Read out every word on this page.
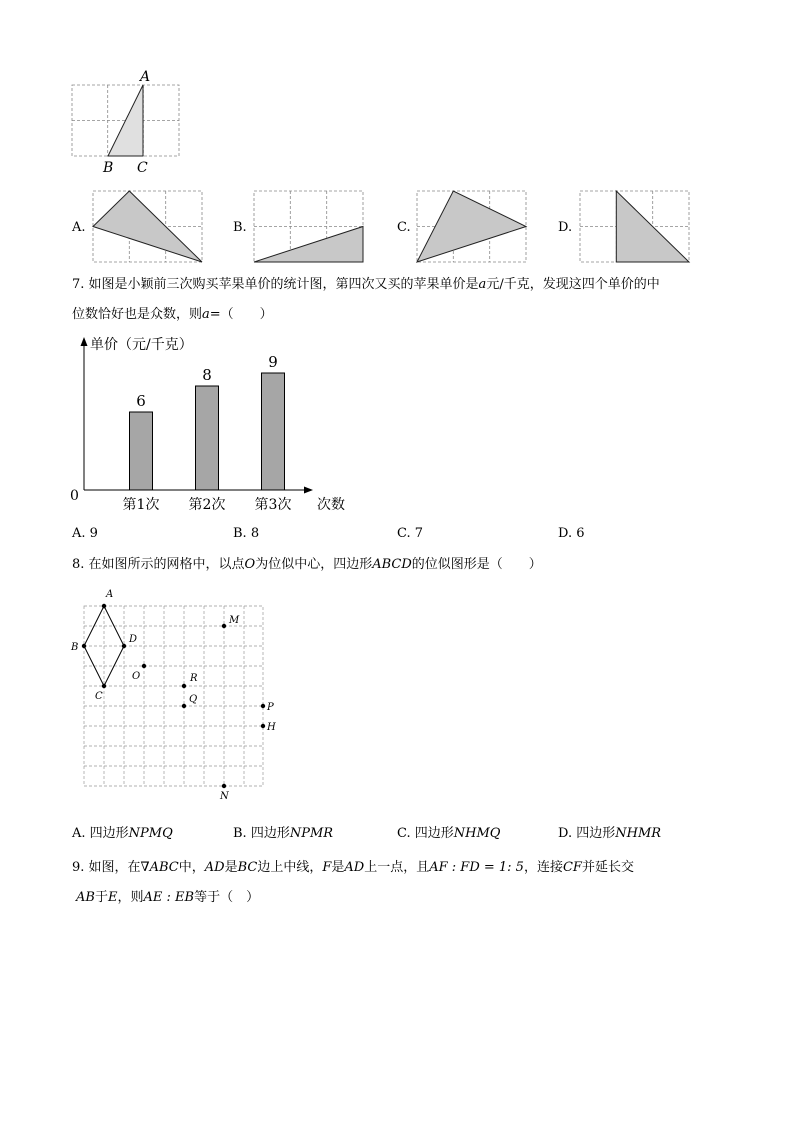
A
B C
A.	B.	C.	D.
7. 如图是小颖前三次购买苹果单价的统计图，第四次又买的苹果单价是a元/千克，发现这四个单价的中
位数恰好也是众数，则a=（　　）
单价（元/千克）
次数
0
6
第1次
8
第2次
9
第3次
A. 9	B. 8	C. 7	D. 6
8. 在如图所示的网格中，以点O为位似中心，四边形ABCD的位似图形是（　　）
A
B
C
D
O
M
R
Q
P
H
N
A. 四边形NPMQ	B. 四边形NPMR	C. 四边形NHMQ	D. 四边形NHMR
9. 如图，在∇ABC中，AD是BC边上中线，F是AD上一点，且AF : FD = 1: 5，连接CF并延长交
AB于E，则AE : EB等于（　）
